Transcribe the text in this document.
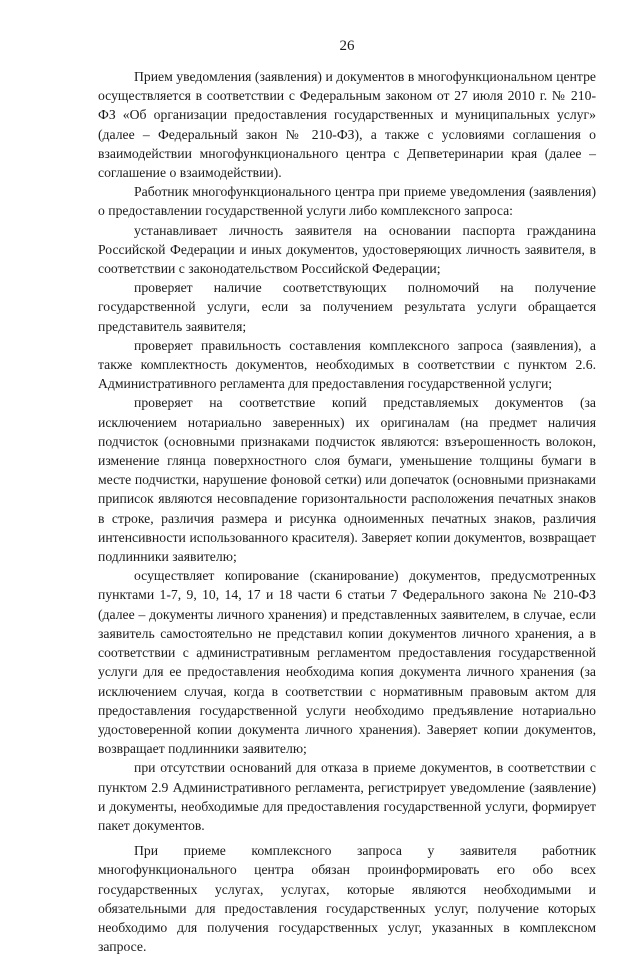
26

Прием уведомления (заявления) и документов в многофункциональном центре осуществляется в соответствии с Федеральным законом от 27 июля 2010 г. № 210-ФЗ «Об организации предоставления государственных и муниципальных услуг» (далее – Федеральный закон № 210-ФЗ), а также с условиями соглашения о взаимодействии многофункционального центра с Депветеринарии края (далее – соглашение о взаимодействии).

Работник многофункционального центра при приеме уведомления (заявления) о предоставлении государственной услуги либо комплексного запроса:

устанавливает личность заявителя на основании паспорта гражданина Российской Федерации и иных документов, удостоверяющих личность заявителя, в соответствии с законодательством Российской Федерации;

проверяет наличие соответствующих полномочий на получение государственной услуги, если за получением результата услуги обращается представитель заявителя;

проверяет правильность составления комплексного запроса (заявления), а также комплектность документов, необходимых в соответствии с пунктом 2.6. Административного регламента для предоставления государственной услуги;

проверяет на соответствие копий представляемых документов (за исключением нотариально заверенных) их оригиналам (на предмет наличия подчисток (основными признаками подчисток являются: взъерошенность волокон, изменение глянца поверхностного слоя бумаги, уменьшение толщины бумаги в месте подчистки, нарушение фоновой сетки) или допечаток (основными признаками приписок являются несовпадение горизонтальности расположения печатных знаков в строке, различия размера и рисунка одноименных печатных знаков, различия интенсивности использованного красителя). Заверяет копии документов, возвращает подлинники заявителю;

осуществляет копирование (сканирование) документов, предусмотренных пунктами 1-7, 9, 10, 14, 17 и 18 части 6 статьи 7 Федерального закона № 210-ФЗ (далее – документы личного хранения) и представленных заявителем, в случае, если заявитель самостоятельно не представил копии документов личного хранения, а в соответствии с административным регламентом предоставления государственной услуги для ее предоставления необходима копия документа личного хранения (за исключением случая, когда в соответствии с нормативным правовым актом для предоставления государственной услуги необходимо предъявление нотариально удостоверенной копии документа личного хранения). Заверяет копии документов, возвращает подлинники заявителю;

при отсутствии оснований для отказа в приеме документов, в соответствии с пунктом 2.9 Административного регламента, регистрирует уведомление (заявление) и документы, необходимые для предоставления государственной услуги, формирует пакет документов.

При приеме комплексного запроса у заявителя работник многофункционального центра обязан проинформировать его обо всех государственных услугах, услугах, которые являются необходимыми и обязательными для предоставления государственных услуг, получение которых необходимо для получения государственных услуг, указанных в комплексном запросе.
